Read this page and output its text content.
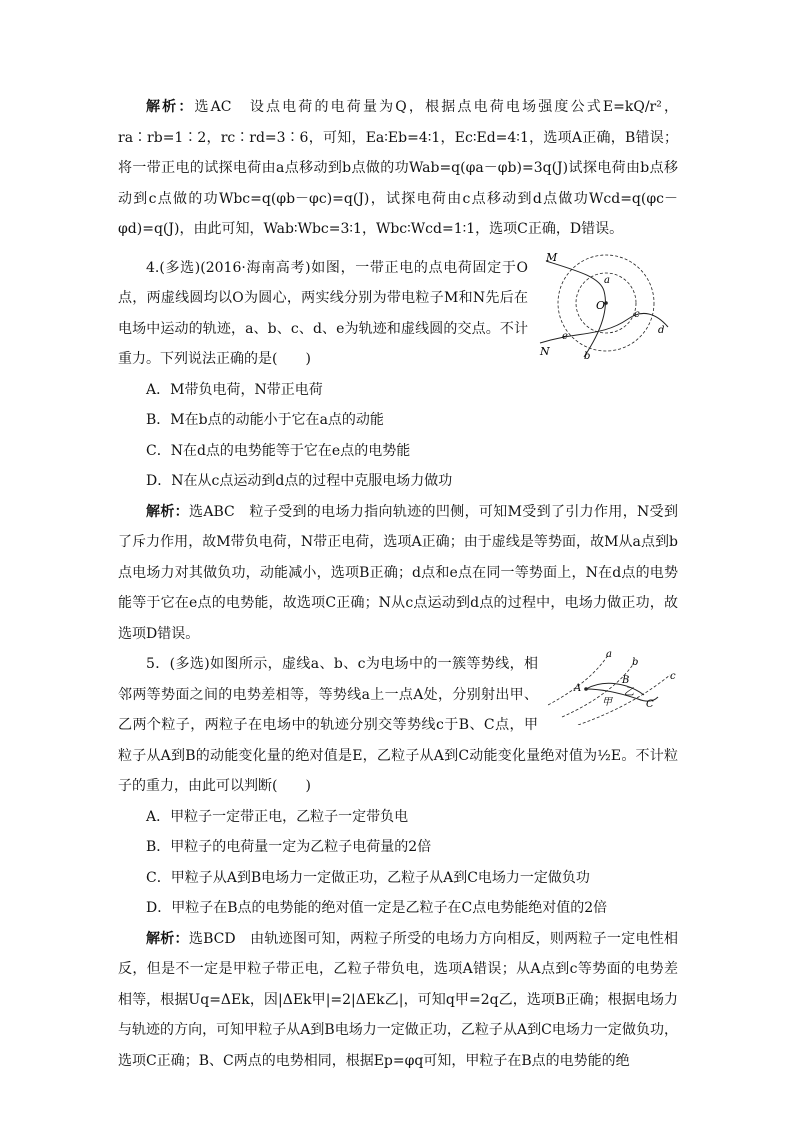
解析：选AC　设点电荷的电荷量为Q，根据点电荷电场强度公式E=kQ/r²，ra∶rb=1∶2，rc∶rd=3∶6，可知，Ea∶Eb=4∶1，Ec∶Ed=4∶1，选项A正确，B错误；将一带正电的试探电荷由a点移动到b点做的功Wab=q(φa－φb)=3q(J)试探电荷由b点移动到c点做的功Wbc=q(φb－φc)=q(J)，试探电荷由c点移动到d点做功Wcd=q(φc－φd)=q(J)，由此可知，Wab∶Wbc=3∶1，Wbc∶Wcd=1∶1，选项C正确，D错误。

M
N
O
a
b
c
d
e

4.(多选)(2016·海南高考)如图，一带正电的点电荷固定于O点，两虚线圆均以O为圆心，两实线分别为带电粒子M和N先后在电场中运动的轨迹，a、b、c、d、e为轨迹和虚线圆的交点。不计重力。下列说法正确的是(　　)

A．M带负电荷，N带正电荷

B．M在b点的动能小于它在a点的动能

C．N在d点的电势能等于它在e点的电势能

D．N在从c点运动到d点的过程中克服电场力做功

解析：选ABC　粒子受到的电场力指向轨迹的凹侧，可知M受到了引力作用，N受到了斥力作用，故M带负电荷，N带正电荷，选项A正确；由于虚线是等势面，故M从a点到b点电场力对其做负功，动能减小，选项B正确；d点和e点在同一等势面上，N在d点的电势能等于它在e点的电势能，故选项C正确；N从c点运动到d点的过程中，电场力做正功，故选项D错误。

a
b
c
A
B
C
甲
乙

5．(多选)如图所示，虚线a、b、c为电场中的一簇等势线，相邻两等势面之间的电势差相等，等势线a上一点A处，分别射出甲、乙两个粒子，两粒子在电场中的轨迹分别交等势线c于B、C点，甲粒子从A到B的动能变化量的绝对值是E，乙粒子从A到C动能变化量绝对值为½E。不计粒子的重力，由此可以判断(　　)

A．甲粒子一定带正电，乙粒子一定带负电

B．甲粒子的电荷量一定为乙粒子电荷量的2倍

C．甲粒子从A到B电场力一定做正功，乙粒子从A到C电场力一定做负功

D．甲粒子在B点的电势能的绝对值一定是乙粒子在C点电势能绝对值的2倍

解析：选BCD　由轨迹图可知，两粒子所受的电场力方向相反，则两粒子一定电性相反，但是不一定是甲粒子带正电，乙粒子带负电，选项A错误；从A点到c等势面的电势差相等，根据Uq=ΔEk，因|ΔEk甲|=2|ΔEk乙|，可知q甲=2q乙，选项B正确；根据电场力与轨迹的方向，可知甲粒子从A到B电场力一定做正功，乙粒子从A到C电场力一定做负功，选项C正确；B、C两点的电势相同，根据Ep=φq可知，甲粒子在B点的电势能的绝
